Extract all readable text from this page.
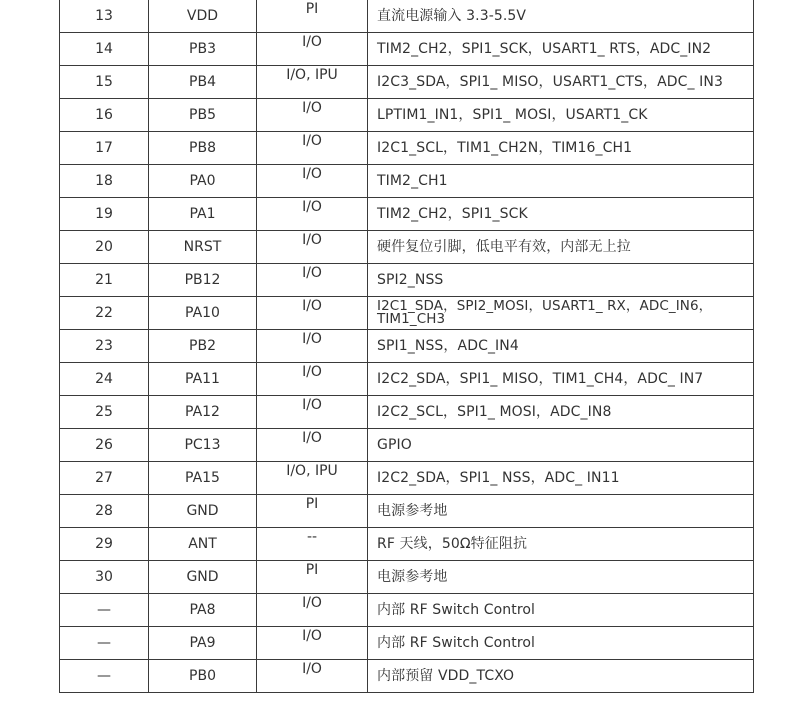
13	VDD	PI	直流电源输入 3.3-5.5V
14	PB3	I/O	TIM2_CH2，SPI1_SCK，USART1_ RTS，ADC_IN2
15	PB4	I/O, IPU	I2C3_SDA，SPI1_ MISO，USART1_CTS，ADC_ IN3
16	PB5	I/O	LPTIM1_IN1，SPI1_ MOSI，USART1_CK
17	PB8	I/O	I2C1_SCL，TIM1_CH2N，TIM16_CH1
18	PA0	I/O	TIM2_CH1
19	PA1	I/O	TIM2_CH2，SPI1_SCK
20	NRST	I/O	硬件复位引脚，低电平有效，内部无上拉
21	PB12	I/O	SPI2_NSS
22	PA10	I/O	I2C1_SDA，SPI2_MOSI，USART1_ RX，ADC_IN6，TIM1_CH3
23	PB2	I/O	SPI1_NSS，ADC_IN4
24	PA11	I/O	I2C2_SDA，SPI1_ MISO，TIM1_CH4，ADC_ IN7
25	PA12	I/O	I2C2_SCL，SPI1_ MOSI，ADC_IN8
26	PC13	I/O	GPIO
27	PA15	I/O, IPU	I2C2_SDA，SPI1_ NSS，ADC_ IN11
28	GND	PI	电源参考地
29	ANT	--	RF 天线，50Ω特征阻抗
30	GND	PI	电源参考地
—	PA8	I/O	内部 RF Switch Control
—	PA9	I/O	内部 RF Switch Control
—	PB0	I/O	内部预留 VDD_TCXO
